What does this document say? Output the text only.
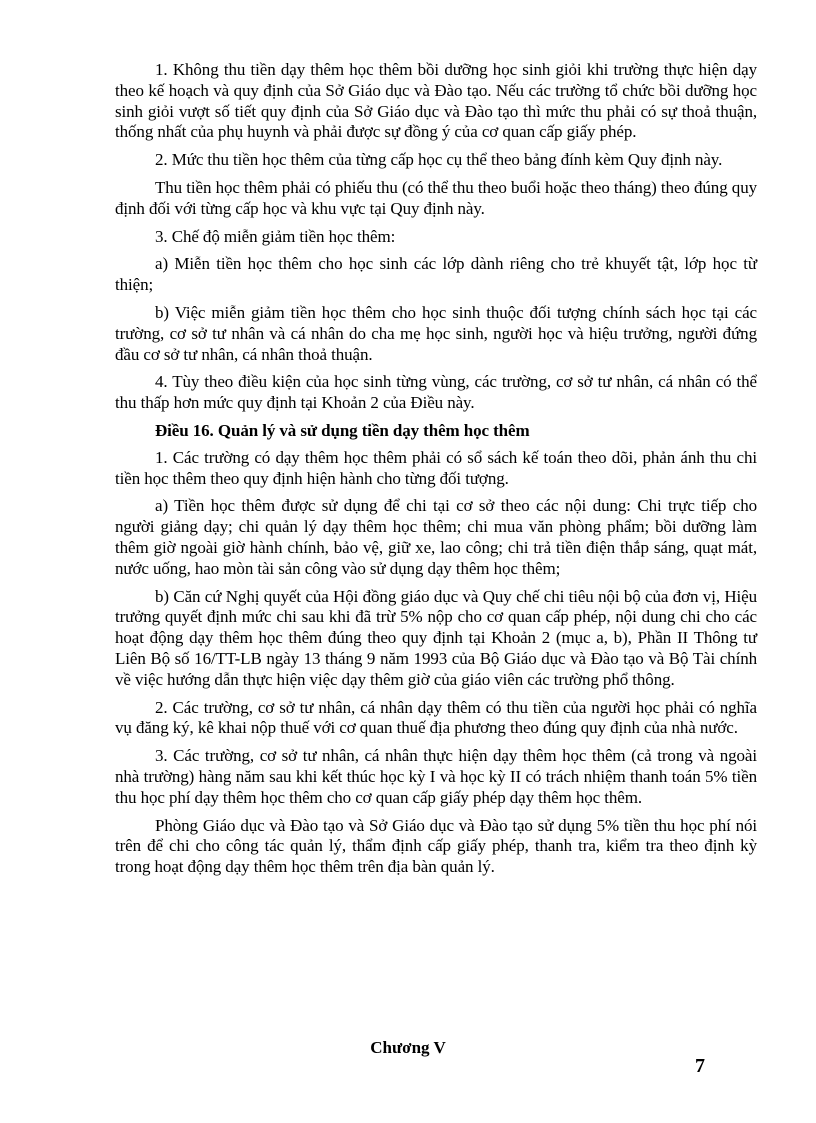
1. Không thu tiền dạy thêm học thêm bồi dưỡng học sinh giỏi khi trường thực hiện dạy theo kế hoạch và quy định của Sở Giáo dục và Đào tạo. Nếu các trường tổ chức bồi dưỡng học sinh giỏi vượt số tiết quy định của Sở Giáo dục và Đào tạo thì mức thu phải có sự thoả thuận, thống nhất của phụ huynh và phải được sự đồng ý của cơ quan cấp giấy phép.

2. Mức thu tiền học thêm của từng cấp học cụ thể theo bảng đính kèm Quy định này.

Thu tiền học thêm phải có phiếu thu (có thể thu theo buổi hoặc theo tháng) theo đúng quy định đối với từng cấp học và khu vực tại Quy định này.

3. Chế độ miễn giảm tiền học thêm:

a) Miễn tiền học thêm cho học sinh các lớp dành riêng cho trẻ khuyết tật, lớp học từ thiện;

b) Việc miễn giảm tiền học thêm cho học sinh thuộc đối tượng chính sách học tại các trường, cơ sở tư nhân và cá nhân do cha mẹ học sinh, người học và hiệu trưởng, người đứng đầu cơ sở tư nhân, cá nhân thoả thuận.

4. Tùy theo điều kiện của học sinh từng vùng, các trường, cơ sở tư nhân, cá nhân có thể thu thấp hơn mức quy định tại Khoản 2 của Điều này.

Điều 16. Quản lý và sử dụng tiền dạy thêm học thêm

1. Các trường có dạy thêm học thêm phải có sổ sách kế toán theo dõi, phản ánh thu chi tiền học thêm theo quy định hiện hành cho từng đối tượng.

a) Tiền học thêm được sử dụng để chi tại cơ sở theo các nội dung: Chi trực tiếp cho người giảng dạy; chi quản lý dạy thêm học thêm; chi mua văn phòng phẩm; bồi dưỡng làm thêm giờ ngoài giờ hành chính, bảo vệ, giữ xe, lao công; chi trả tiền điện thắp sáng, quạt mát, nước uống, hao mòn tài sản công vào sử dụng dạy thêm học thêm;

b) Căn cứ Nghị quyết của Hội đồng giáo dục và Quy chế chi tiêu nội bộ của đơn vị, Hiệu trưởng quyết định mức chi sau khi đã trừ 5% nộp cho cơ quan cấp phép, nội dung chi cho các hoạt động dạy thêm học thêm đúng theo quy định tại Khoản 2 (mục a, b), Phần II Thông tư Liên Bộ số 16/TT-LB ngày 13 tháng 9 năm 1993 của Bộ Giáo dục và Đào tạo và Bộ Tài chính về việc hướng dẫn thực hiện việc dạy thêm giờ của giáo viên các trường phổ thông.

2. Các trường, cơ sở tư nhân, cá nhân dạy thêm có thu tiền của người học phải có nghĩa vụ đăng ký, kê khai nộp thuế với cơ quan thuế địa phương theo đúng quy định của nhà nước.

3. Các trường, cơ sở tư nhân, cá nhân thực hiện dạy thêm học thêm (cả trong và ngoài nhà trường) hàng năm sau khi kết thúc học kỳ I và học kỳ II có trách nhiệm thanh toán 5% tiền thu học phí dạy thêm học thêm cho cơ quan cấp giấy phép dạy thêm học thêm.

Phòng Giáo dục và Đào tạo và Sở Giáo dục và Đào tạo sử dụng 5% tiền thu học phí nói trên để chi cho công tác quản lý, thẩm định cấp giấy phép, thanh tra, kiểm tra theo định kỳ trong hoạt động dạy thêm học thêm trên địa bàn quản lý.

Chương V
7
